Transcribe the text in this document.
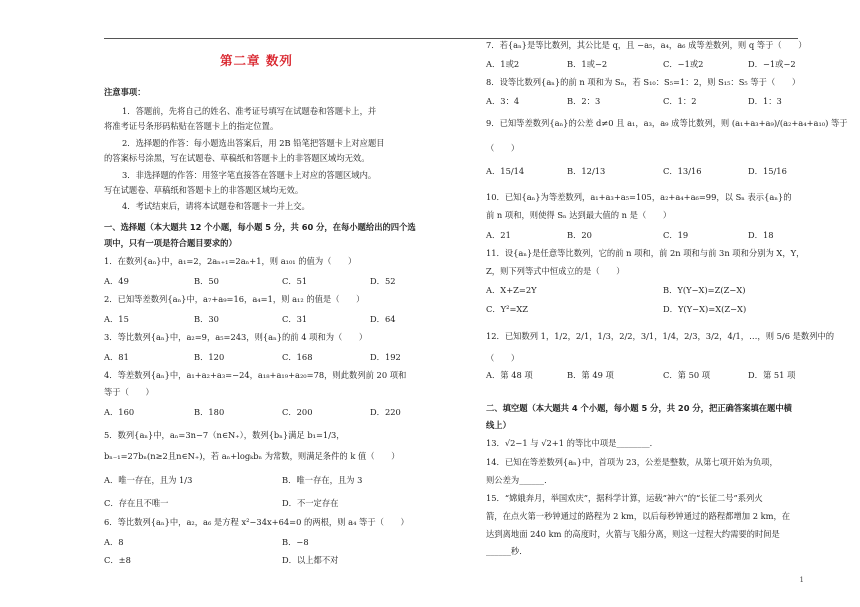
第二章 数列
注意事项：
1．答题前，先将自己的姓名、准考证号填写在试题卷和答题卡上，并
将准考证号条形码粘贴在答题卡上的指定位置。
2．选择题的作答：每小题选出答案后，用 2B 铅笔把答题卡上对应题目
的答案标号涂黑，写在试题卷、草稿纸和答题卡上的非答题区域均无效。
3．非选择题的作答：用签字笔直接答在答题卡上对应的答题区域内。
写在试题卷、草稿纸和答题卡上的非答题区域均无效。
4．考试结束后，请将本试题卷和答题卡一并上交。
一、选择题（本大题共 12 个小题，每小题 5 分，共 60 分，在每小题给出的四个选
项中，只有一项是符合题目要求的）
1．在数列{aₙ}中，a₁=2，2aₙ₊₁=2aₙ+1，则 a₁₀₁ 的值为（　　）
A．49	B．50	C．51	D．52
2．已知等差数列{aₙ}中，a₇+a₉=16，a₄=1，则 a₁₂ 的值是（　　）
A．15	B．30	C．31	D．64
3．等比数列{aₙ}中，a₂=9，a₅=243，则{aₙ}的前 4 项和为（　　）
A．81	B．120	C．168	D．192
4．等差数列{aₙ}中，a₁+a₂+a₃=−24，a₁₈+a₁₉+a₂₀=78，则此数列前 20 项和
等于（　　）
A．160	B．180	C．200	D．220
5．数列{aₙ}中，aₙ=3n−7（n∈N₊），数列{bₙ}满足 b₁=1/3，
bₙ₋₁=27bₙ(n≥2且n∈N₊)，若 aₙ+logₖbₙ 为常数，则满足条件的 k 值（　　）
A．唯一存在，且为 1/3	B．唯一存在，且为 3
C．存在且不唯一	D．不一定存在
6．等比数列{aₙ}中，a₂，a₆ 是方程 x²−34x+64=0 的两根，则 a₄ 等于（　　）
A．8	B．−8
C．±8	D．以上都不对
7．若{aₙ}是等比数列，其公比是 q，且 −a₅，a₄，a₆ 成等差数列，则 q 等于（　　）
A．1或2	B．1或−2	C．−1或2	D．−1或−2
8．设等比数列{aₙ}的前 n 项和为 Sₙ，若 S₁₀：S₅=1：2，则 S₁₅：S₅ 等于（　　）
A．3：4	B．2：3	C．1：2	D．1：3
9．已知等差数列{aₙ}的公差 d≠0 且 a₁，a₃，a₉ 成等比数列，则 (a₁+a₃+a₉)/(a₂+a₄+a₁₀) 等于
（　　）
A．15/14	B．12/13	C．13/16	D．15/16
10．已知{aₙ}为等差数列，a₁+a₃+a₅=105，a₂+a₄+a₆=99，以 Sₙ 表示{aₙ}的
前 n 项和，则使得 Sₙ 达到最大值的 n 是（　　）
A．21	B．20	C．19	D．18
11．设{aₙ}是任意等比数列，它的前 n 项和，前 2n 项和与前 3n 项和分别为 X，Y，
Z，则下列等式中恒成立的是（　　）
A．X+Z=2Y	B．Y(Y−X)=Z(Z−X)
C．Y²=XZ	D．Y(Y−X)=X(Z−X)
12．已知数列 1，1/2，2/1，1/3，2/2，3/1，1/4，2/3，3/2，4/1，…，则 5/6 是数列中的
（　　）
A．第 48 项	B．第 49 项	C．第 50 项	D．第 51 项
二、填空题（本大题共 4 个小题，每小题 5 分，共 20 分，把正确答案填在题中横
线上）
13．√2−1 与 √2+1 的等比中项是________．
14．已知在等差数列{aₙ}中，首项为 23，公差是整数，从第七项开始为负项，
则公差为______．
15．“嫦娥奔月，举国欢庆”，据科学计算，运载“神六”的“长征二号”系列火
箭，在点火第一秒钟通过的路程为 2 km，以后每秒钟通过的路程都增加 2 km，在
达到离地面 240 km 的高度时，火箭与飞船分离，则这一过程大约需要的时间是
______秒．
1
